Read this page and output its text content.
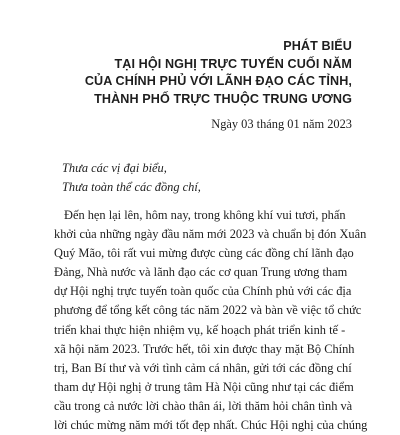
PHÁT BIỂU
TẠI HỘI NGHỊ TRỰC TUYẾN CUỐI NĂM
CỦA CHÍNH PHỦ VỚI LÃNH ĐẠO CÁC TỈNH,
THÀNH PHỐ TRỰC THUỘC TRUNG ƯƠNG
Ngày 03 tháng 01 năm 2023
Thưa các vị đại biểu,
Thưa toàn thể các đồng chí,
Đến hẹn lại lên, hôm nay, trong không khí vui tươi, phấn
khởi của những ngày đầu năm mới 2023 và chuẩn bị đón Xuân
Quý Mão, tôi rất vui mừng được cùng các đồng chí lãnh đạo
Đảng, Nhà nước và lãnh đạo các cơ quan Trung ương tham
dự Hội nghị trực tuyến toàn quốc của Chính phủ với các địa
phương để tổng kết công tác năm 2022 và bàn về việc tổ chức
triển khai thực hiện nhiệm vụ, kế hoạch phát triển kinh tế -
xã hội năm 2023. Trước hết, tôi xin được thay mặt Bộ Chính
trị, Ban Bí thư và với tình cảm cá nhân, gửi tới các đồng chí
tham dự Hội nghị ở trung tâm Hà Nội cũng như tại các điểm
cầu trong cả nước lời chào thân ái, lời thăm hỏi chân tình và
lời chúc mừng năm mới tốt đẹp nhất. Chúc Hội nghị của chúng
